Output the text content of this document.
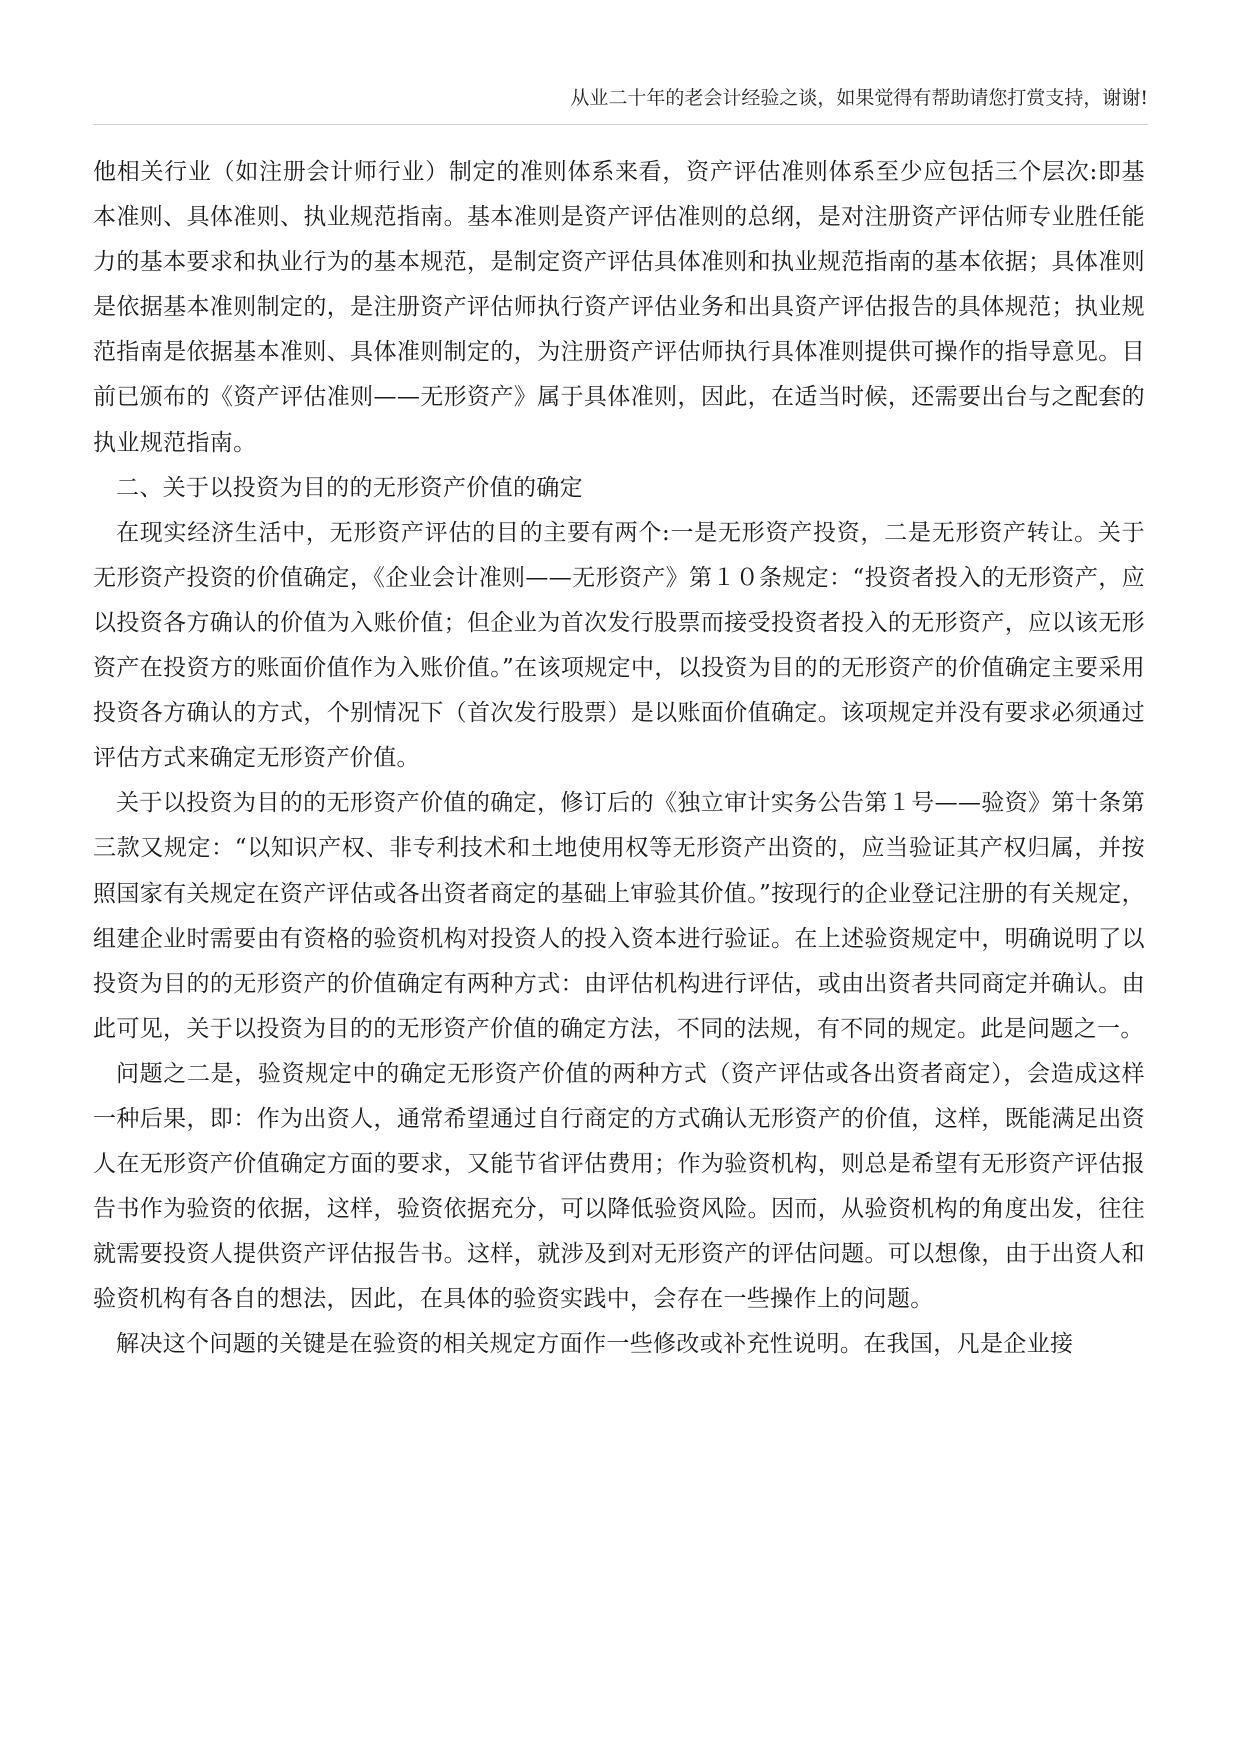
从业二十年的老会计经验之谈，如果觉得有帮助请您打赏支持，谢谢!

他相关行业（如注册会计师行业）制定的准则体系来看，资产评估准则体系至少应包括三个层次:即基本准则、具体准则、执业规范指南。基本准则是资产评估准则的总纲，是对注册资产评估师专业胜任能力的基本要求和执业行为的基本规范，是制定资产评估具体准则和执业规范指南的基本依据；具体准则是依据基本准则制定的，是注册资产评估师执行资产评估业务和出具资产评估报告的具体规范；执业规范指南是依据基本准则、具体准则制定的，为注册资产评估师执行具体准则提供可操作的指导意见。目前已颁布的《资产评估准则——无形资产》属于具体准则，因此，在适当时候，还需要出台与之配套的执业规范指南。

二、关于以投资为目的的无形资产价值的确定

在现实经济生活中，无形资产评估的目的主要有两个:一是无形资产投资，二是无形资产转让。关于无形资产投资的价值确定，《企业会计准则——无形资产》第１０条规定：“投资者投入的无形资产，应以投资各方确认的价值为入账价值；但企业为首次发行股票而接受投资者投入的无形资产，应以该无形资产在投资方的账面价值作为入账价值。”在该项规定中，以投资为目的的无形资产的价值确定主要采用投资各方确认的方式，个别情况下（首次发行股票）是以账面价值确定。该项规定并没有要求必须通过评估方式来确定无形资产价值。

关于以投资为目的的无形资产价值的确定，修订后的《独立审计实务公告第１号——验资》第十条第三款又规定：“以知识产权、非专利技术和土地使用权等无形资产出资的，应当验证其产权归属，并按照国家有关规定在资产评估或各出资者商定的基础上审验其价值。”按现行的企业登记注册的有关规定，组建企业时需要由有资格的验资机构对投资人的投入资本进行验证。在上述验资规定中，明确说明了以投资为目的的无形资产的价值确定有两种方式：由评估机构进行评估，或由出资者共同商定并确认。由此可见，关于以投资为目的的无形资产价值的确定方法，不同的法规，有不同的规定。此是问题之一。

问题之二是，验资规定中的确定无形资产价值的两种方式（资产评估或各出资者商定），会造成这样一种后果，即：作为出资人，通常希望通过自行商定的方式确认无形资产的价值，这样，既能满足出资人在无形资产价值确定方面的要求，又能节省评估费用；作为验资机构，则总是希望有无形资产评估报告书作为验资的依据，这样，验资依据充分，可以降低验资风险。因而，从验资机构的角度出发，往往就需要投资人提供资产评估报告书。这样，就涉及到对无形资产的评估问题。可以想像，由于出资人和验资机构有各自的想法，因此，在具体的验资实践中，会存在一些操作上的问题。

解决这个问题的关键是在验资的相关规定方面作一些修改或补充性说明。在我国，凡是企业接
